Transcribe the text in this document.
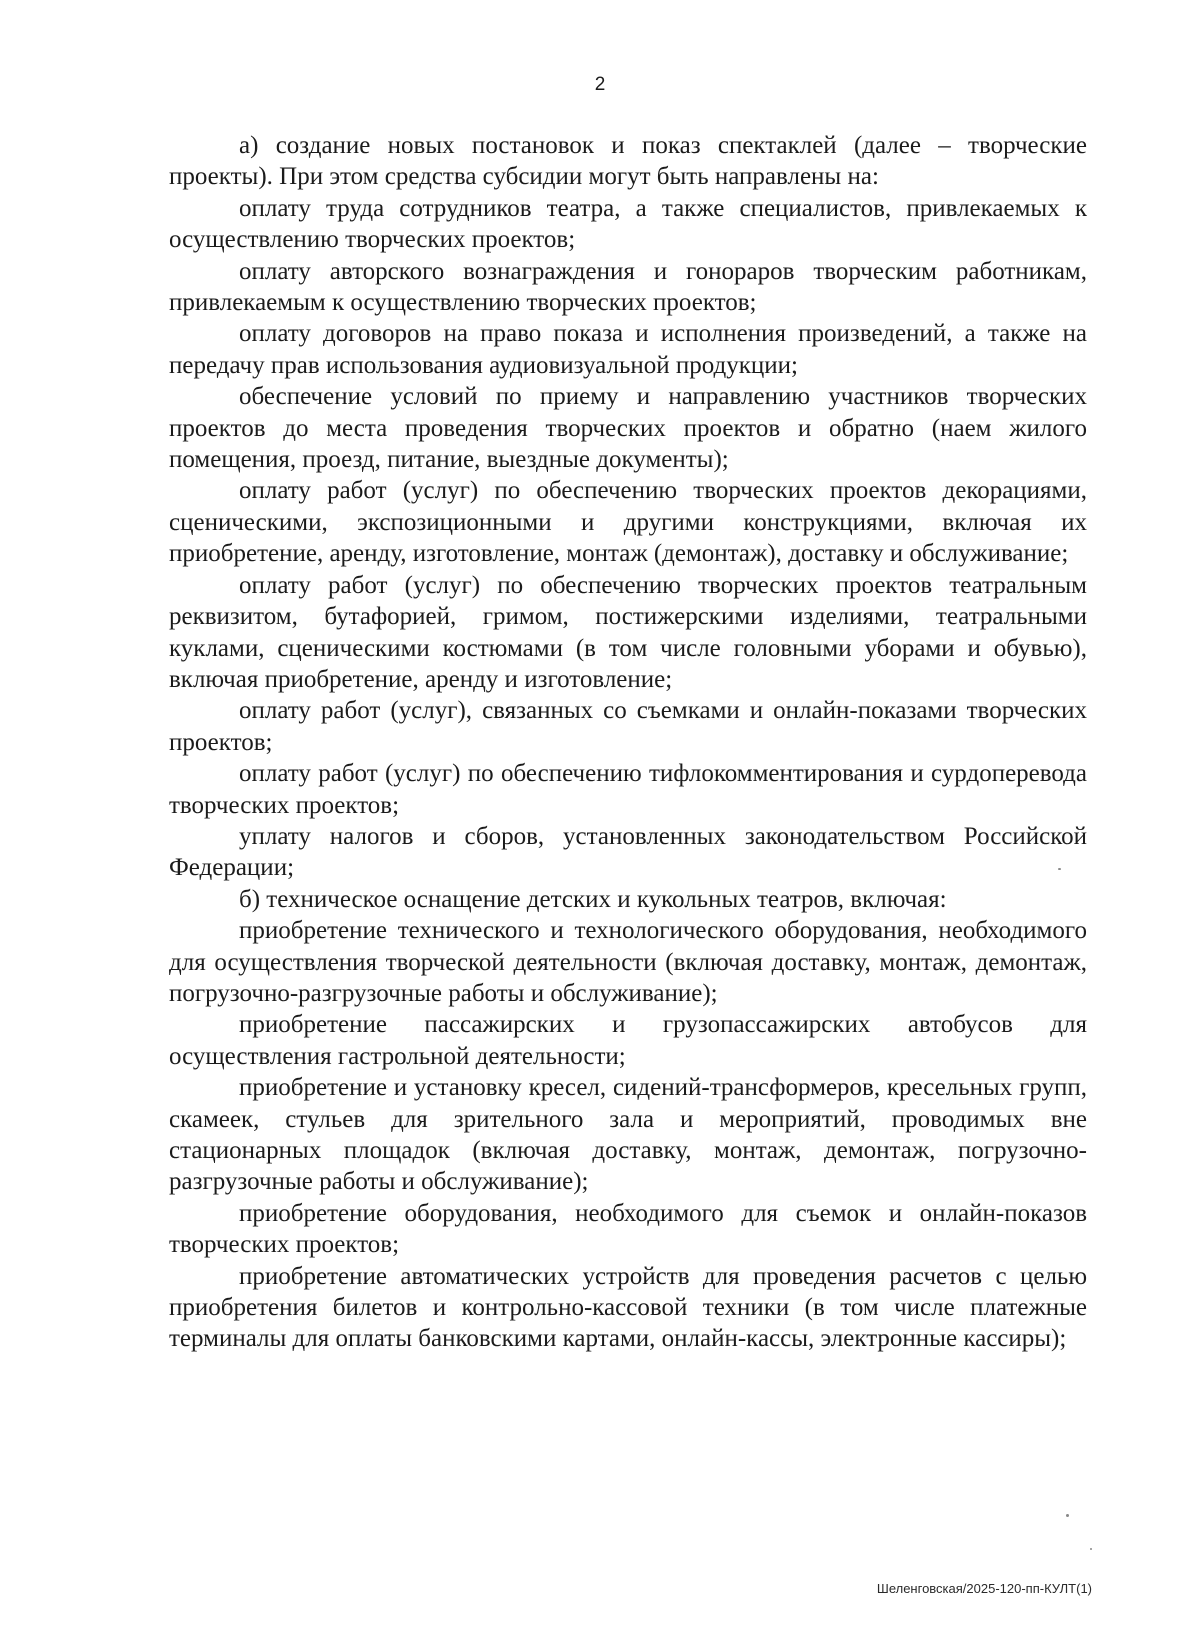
2

а) создание новых постановок и показ спектаклей (далее – творческие проекты). При этом средства субсидии могут быть направлены на:

оплату труда сотрудников театра, а также специалистов, привлекаемых к осуществлению творческих проектов;

оплату авторского вознаграждения и гонораров творческим работникам, привлекаемым к осуществлению творческих проектов;

оплату договоров на право показа и исполнения произведений, а также на передачу прав использования аудиовизуальной продукции;

обеспечение условий по приему и направлению участников творческих проектов до места проведения творческих проектов и обратно (наем жилого помещения, проезд, питание, выездные документы);

оплату работ (услуг) по обеспечению творческих проектов декорациями, сценическими, экспозиционными и другими конструкциями, включая их приобретение, аренду, изготовление, монтаж (демонтаж), доставку и обслуживание;

оплату работ (услуг) по обеспечению творческих проектов театральным реквизитом, бутафорией, гримом, постижерскими изделиями, театральными куклами, сценическими костюмами (в том числе головными уборами и обувью), включая приобретение, аренду и изготовление;

оплату работ (услуг), связанных со съемками и онлайн-показами творческих проектов;

оплату работ (услуг) по обеспечению тифлокомментирования и сурдоперевода творческих проектов;

уплату налогов и сборов, установленных законодательством Российской Федерации;

б) техническое оснащение детских и кукольных театров, включая:

приобретение технического и технологического оборудования, необходимого для осуществления творческой деятельности (включая доставку, монтаж, демонтаж, погрузочно-разгрузочные работы и обслуживание);

приобретение пассажирских и грузопассажирских автобусов для осуществления гастрольной деятельности;

приобретение и установку кресел, сидений-трансформеров, кресельных групп, скамеек, стульев для зрительного зала и мероприятий, проводимых вне стационарных площадок (включая доставку, монтаж, демонтаж, погрузочно-разгрузочные работы и обслуживание);

приобретение оборудования, необходимого для съемок и онлайн-показов творческих проектов;

приобретение автоматических устройств для проведения расчетов с целью приобретения билетов и контрольно-кассовой техники (в том числе платежные терминалы для оплаты банковскими картами, онлайн-кассы, электронные кассиры);

Шеленговская/2025-120-пп-КУЛТ(1)
